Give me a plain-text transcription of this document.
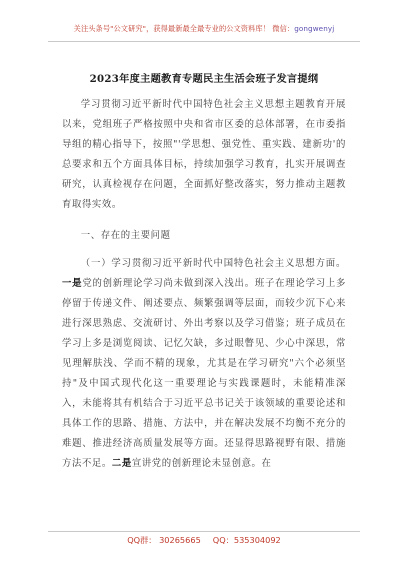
关注头条号"公文研究"，获得最新最全最专业的公文资料库！ 微信：gongwenyj
2023年度主题教育专题民主生活会班子发言提纲

学习贯彻习近平新时代中国特色社会主义思想主题教育开展以来，党组班子严格按照中央和省市区委的总体部署，在市委指导组的精心指导下，按照"'学思想、强党性、重实践、建新功'的总要求和五个方面具体目标，持续加强学习教育，扎实开展调查研究，认真检视存在问题，全面抓好整改落实，努力推动主题教育取得实效。

一、存在的主要问题

（一）学习贯彻习近平新时代中国特色社会主义思想方面。一是党的创新理论学习尚未做到深入浅出。班子在理论学习上多停留于传递文件、阐述要点、频繁强调等层面，而较少沉下心来进行深思熟虑、交流研讨、外出考察以及学习借鉴；班子成员在学习上多是浏览阅读、记忆欠缺，多过眼瞥见、少心中深思，常见理解肤浅、学而不精的现象，尤其是在学习研究"六个必须坚持"及中国式现代化这一重要理论与实践课题时，未能精准深入，未能将其有机结合于习近平总书记关于该领域的重要论述和具体工作的思路、措施、方法中，并在解决发展不均衡不充分的难题、推进经济高质量发展等方面。还显得思路视野有限、措施方法不足。二是宣讲党的创新理论未显创意。在

QQ群： 30265665 QQ：535304092
